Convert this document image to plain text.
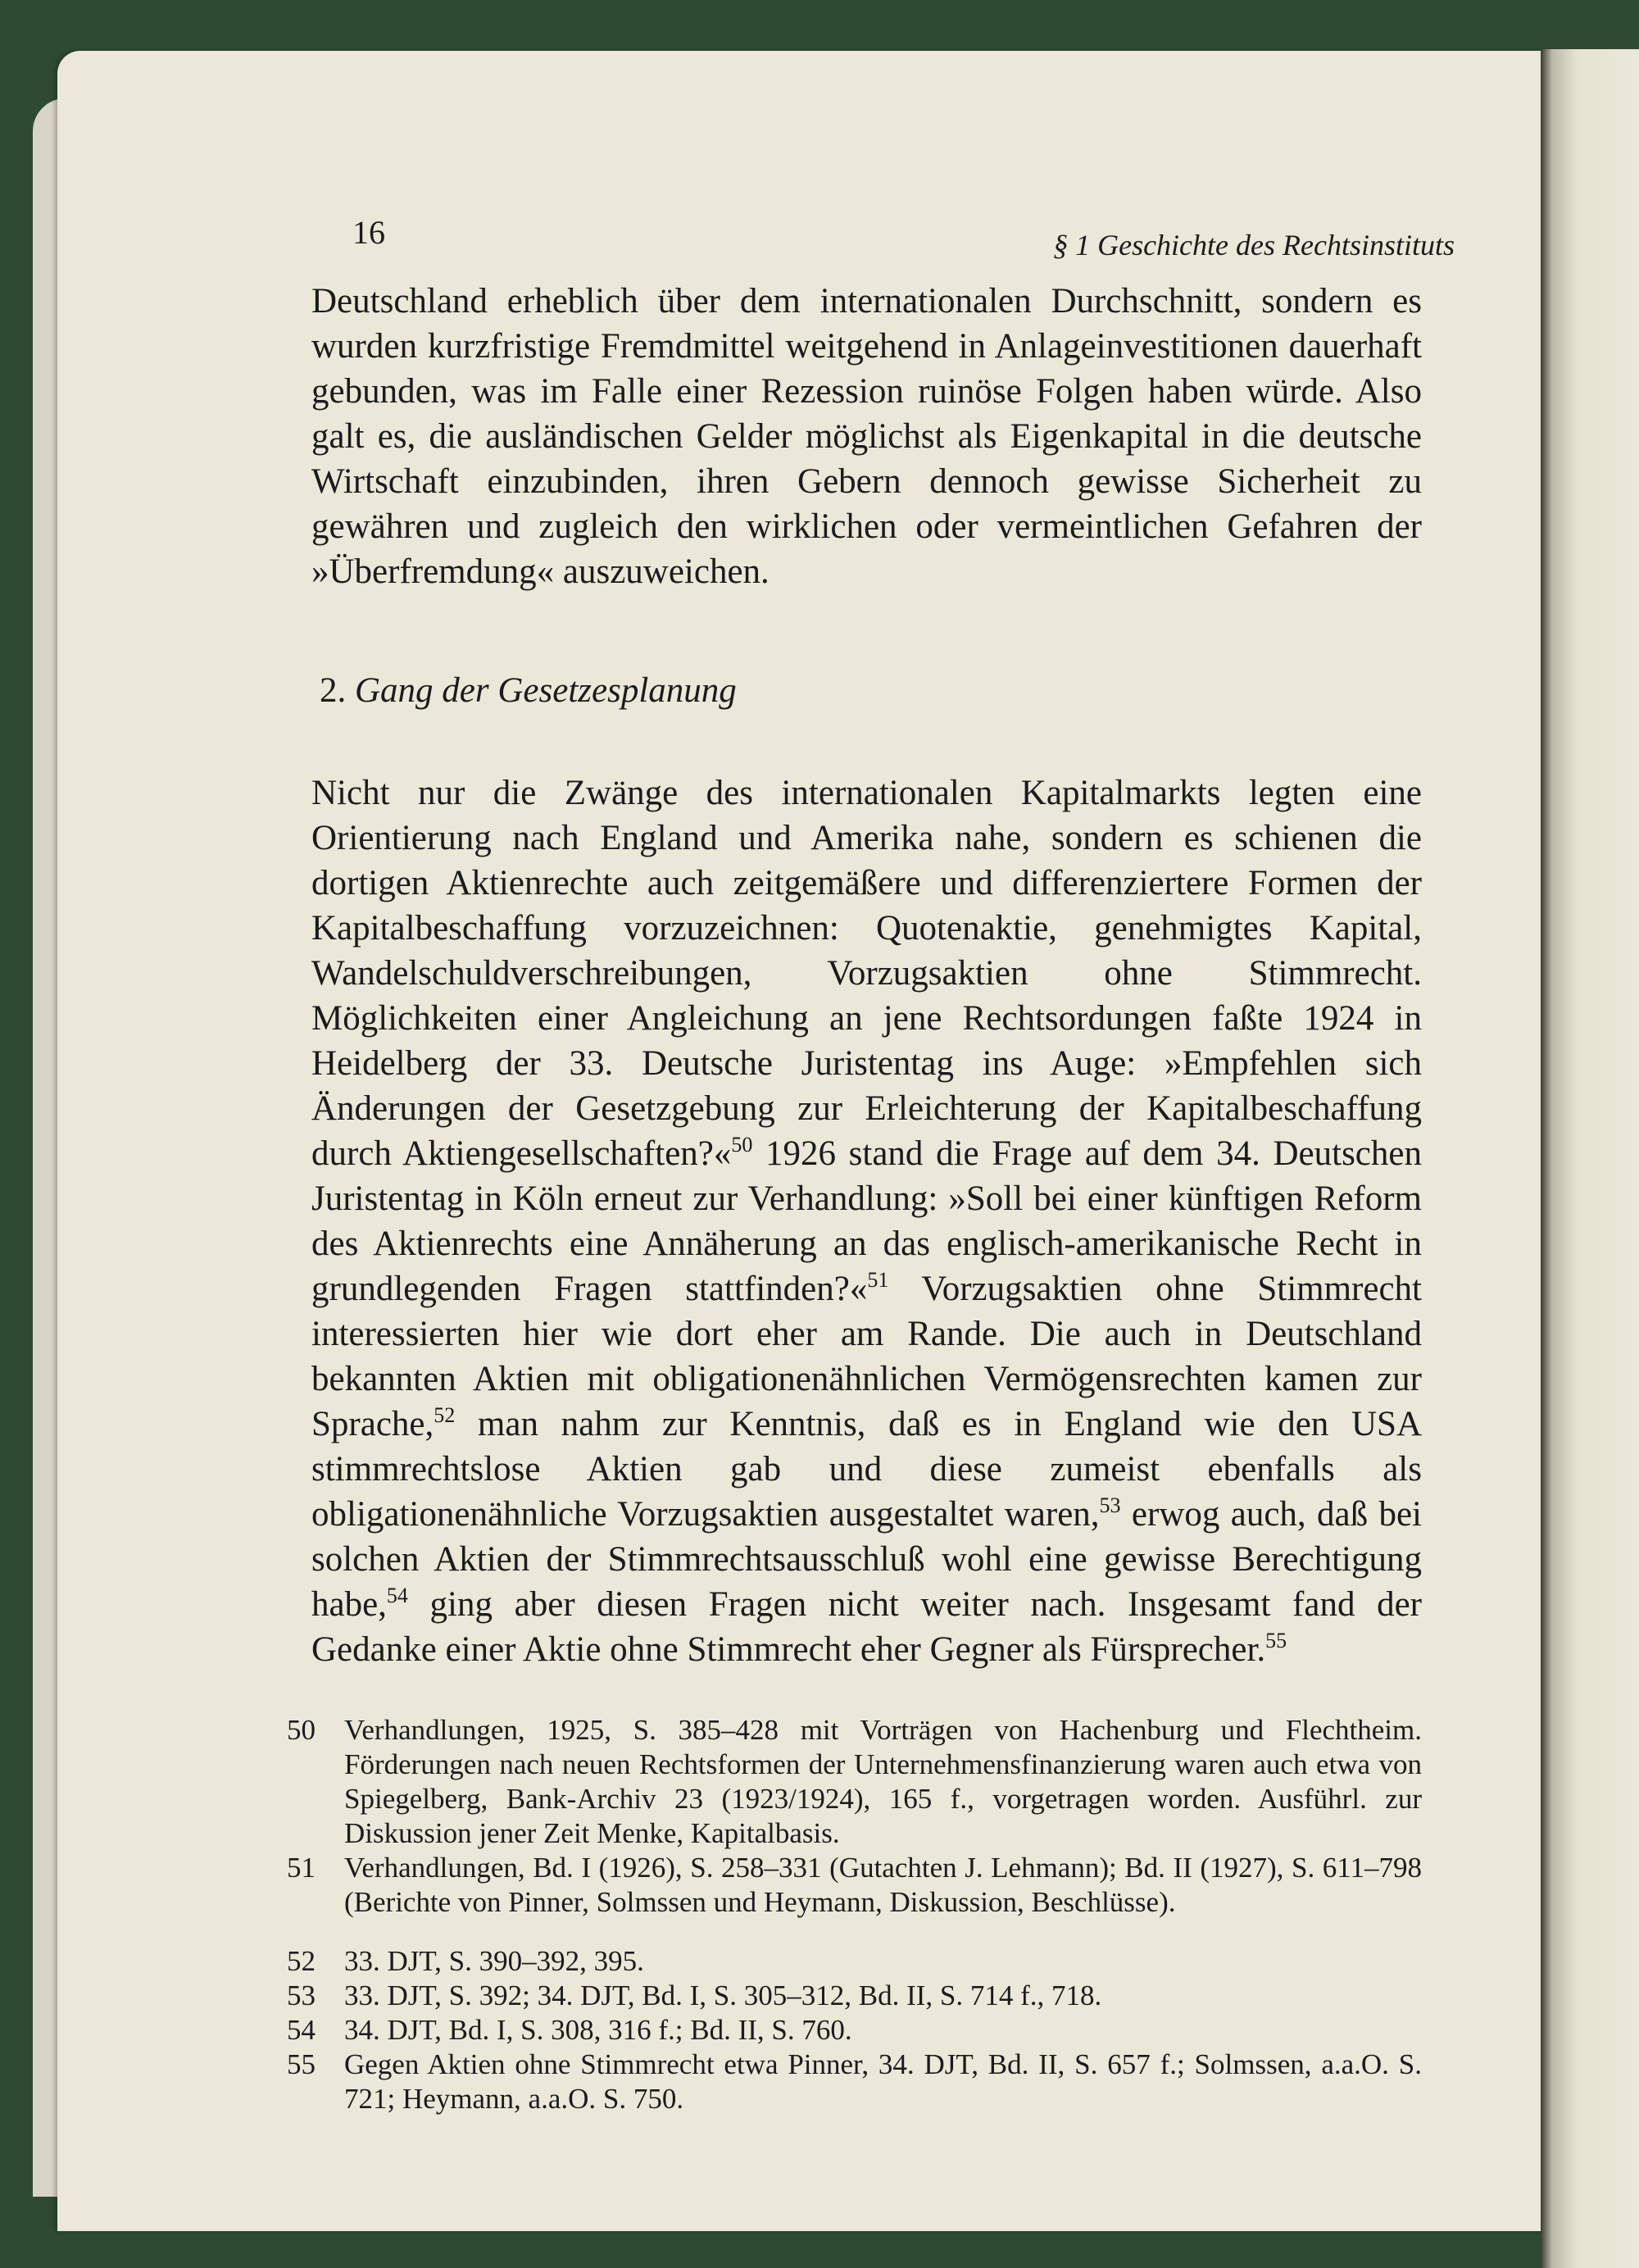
16	§ 1 Geschichte des Rechtsinstituts

Deutschland erheblich über dem internationalen Durchschnitt, sondern es wurden kurzfristige Fremdmittel weitgehend in Anlageinvestitionen dauerhaft gebunden, was im Falle einer Rezession ruinöse Folgen haben würde. Also galt es, die ausländischen Gelder möglichst als Eigenkapital in die deutsche Wirtschaft einzubinden, ihren Gebern dennoch gewisse Sicherheit zu gewähren und zugleich den wirklichen oder vermeintlichen Gefahren der »Überfremdung« auszuweichen.

2. Gang der Gesetzesplanung

Nicht nur die Zwänge des internationalen Kapitalmarkts legten eine Orientierung nach England und Amerika nahe, sondern es schienen die dortigen Aktienrechte auch zeitgemäßere und differenziertere Formen der Kapitalbeschaffung vorzuzeichnen: Quotenaktie, genehmigtes Kapital, Wandelschuldverschreibungen, Vorzugsaktien ohne Stimmrecht. Möglichkeiten einer Angleichung an jene Rechtsordungen faßte 1924 in Heidelberg der 33. Deutsche Juristentag ins Auge: »Empfehlen sich Änderungen der Gesetzgebung zur Erleichterung der Kapitalbeschaffung durch Aktiengesellschaften?«$^{50}$ 1926 stand die Frage auf dem 34. Deutschen Juristentag in Köln erneut zur Verhandlung: »Soll bei einer künftigen Reform des Aktienrechts eine Annäherung an das englisch-amerikanische Recht in grundlegenden Fragen stattfinden?«$^{51}$ Vorzugsaktien ohne Stimmrecht interessierten hier wie dort eher am Rande. Die auch in Deutschland bekannten Aktien mit obligationenähnlichen Vermögensrechten kamen zur Sprache,$^{52}$ man nahm zur Kenntnis, daß es in England wie den USA stimmrechtslose Aktien gab und diese zumeist ebenfalls als obligationenähnliche Vorzugsaktien ausgestaltet waren,$^{53}$ erwog auch, daß bei solchen Aktien der Stimmrechtsausschluß wohl eine gewisse Berechtigung habe,$^{54}$ ging aber diesen Fragen nicht weiter nach. Insgesamt fand der Gedanke einer Aktie ohne Stimmrecht eher Gegner als Fürsprecher.$^{55}$

50	Verhandlungen, 1925, S. 385–428 mit Vorträgen von Hachenburg und Flechtheim. Förderungen nach neuen Rechtsformen der Unternehmensfinanzierung waren auch etwa von Spiegelberg, Bank-Archiv 23 (1923/1924), 165 f., vorgetragen worden. Ausführl. zur Diskussion jener Zeit Menke, Kapitalbasis.
51	Verhandlungen, Bd. I (1926), S. 258–331 (Gutachten J. Lehmann); Bd. II (1927), S. 611–798 (Berichte von Pinner, Solmssen und Heymann, Diskussion, Beschlüsse).
52	33. DJT, S. 390–392, 395.
53	33. DJT, S. 392; 34. DJT, Bd. I, S. 305–312, Bd. II, S. 714 f., 718.
54	34. DJT, Bd. I, S. 308, 316 f.; Bd. II, S. 760.
55	Gegen Aktien ohne Stimmrecht etwa Pinner, 34. DJT, Bd. II, S. 657 f.; Solmssen, a.a.O. S. 721; Heymann, a.a.O. S. 750.
